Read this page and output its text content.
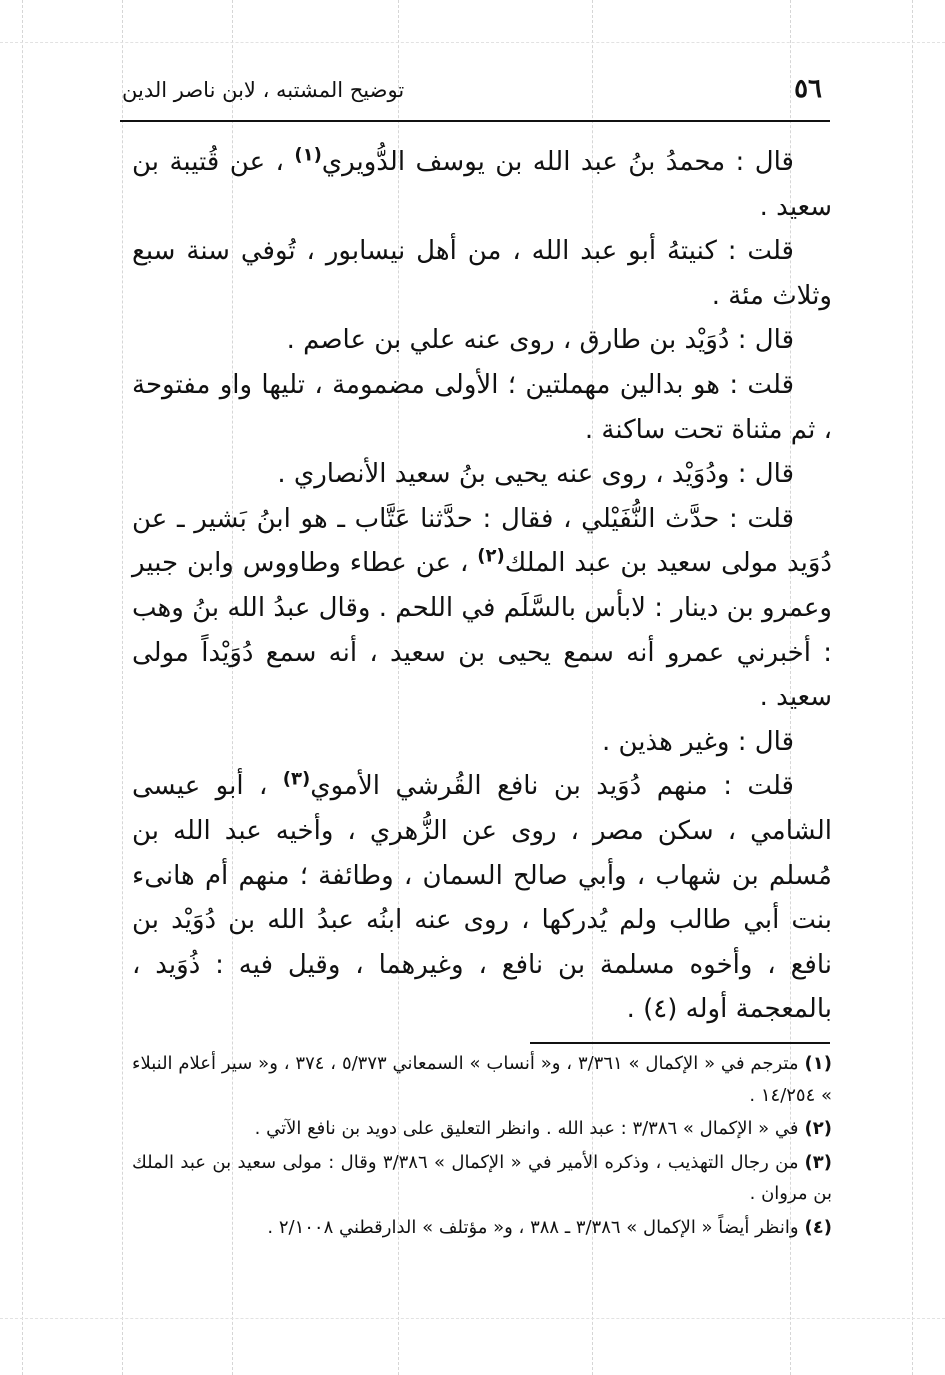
٥٦
توضيح المشتبه ، لابن ناصر الدين

قال : محمدُ بنُ عبد الله بن يوسف الدُّويري$^{(١)}$ ، عن قُتيبة بن سعيد .

قلت : كنيتهُ أبو عبد الله ، من أهل نيسابور ، تُوفي سنة سبع وثلاث مئة .

قال : دُوَيْد بن طارق ، روى عنه علي بن عاصم .

قلت : هو بدالين مهملتين ؛ الأولى مضمومة ، تليها واو مفتوحة ، ثم مثناة تحت ساكنة .

قال : ودُوَيْد ، روى عنه يحيى بنُ سعيد الأنصاري .

قلت : حدَّث النُّفَيْلي ، فقال : حدَّثنا عَتَّاب ـ هو ابنُ بَشير ـ عن دُوَيد مولى سعيد بن عبد الملك$^{(٢)}$ ، عن عطاء وطاووس وابن جبير وعمرو بن دينار : لابأس بالسَّلَم في اللحم . وقال عبدُ الله بنُ وهب : أخبرني عمرو أنه سمع يحيى بن سعيد ، أنه سمع دُوَيْداً مولى سعيد .

قال : وغير هذين .

قلت : منهم دُوَيد بن نافع القُرشي الأموي$^{(٣)}$ ، أبو عيسى الشامي ، سكن مصر ، روى عن الزُّهري ، وأخيه عبد الله بن مُسلم بن شهاب ، وأبي صالح السمان ، وطائفة ؛ منهم أم هانىء بنت أبي طالب ولم يُدركها ، روى عنه ابنُه عبدُ الله بن دُوَيْد بن نافع ، وأخوه مسلمة بن نافع ، وغيرهما ، وقيل فيه : ذُوَيد ، بالمعجمة أوله (٤) .

(١)مترجم في « الإكمال » ٣/٣٦١ ، و« أنساب » السمعاني ٥/٣٧٣ ، ٣٧٤ ، و« سير أعلام النبلاء » ١٤/٢٥٤ .

(٢)في « الإكمال » ٣/٣٨٦ : عبد الله . وانظر التعليق على دويد بن نافع الآتي .

(٣)من رجال التهذيب ، وذكره الأمير في « الإكمال » ٣/٣٨٦ وقال : مولى سعيد بن عبد الملك بن مروان .

(٤)وانظر أيضاً « الإكمال » ٣/٣٨٦ ـ ٣٨٨ ، و« مؤتلف » الدارقطني ٢/١٠٠٨ .
